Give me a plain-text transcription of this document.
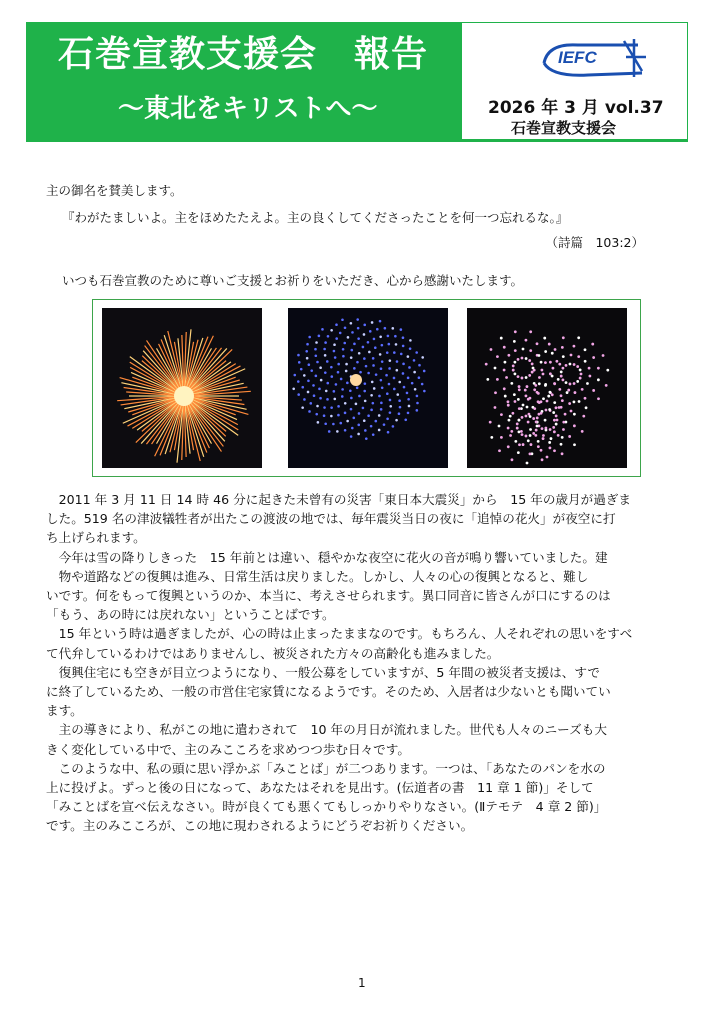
石巻宣教支援会　報告
～東北をキリストへ～
IEFC
2026 年 3 月 vol.37
石巻宣教支援会
主の御名を賛美します。
『わがたましいよ。主をほめたたえよ。主の良くしてくださったことを何一つ忘れるな。』
（詩篇　103:2）
いつも石巻宣教のために尊いご支援とお祈りをいただき、心から感謝いたします。
　2011 年 3 月 11 日 14 時 46 分に起きた未曾有の災害「東日本大震災」から　15 年の歳月が過ぎま
した。519 名の津波犠牲者が出たこの渡波の地では、毎年震災当日の夜に「追悼の花火」が夜空に打
ち上げられます。
　今年は雪の降りしきった　15 年前とは違い、穏やかな夜空に花火の音が鳴り響いていました。建
　物や道路などの復興は進み、日常生活は戻りました。しかし、人々の心の復興となると、難し
いです。何をもって復興というのか、本当に、考えさせられます。異口同音に皆さんが口にするのは
「もう、あの時には戻れない」ということばです。
　15 年という時は過ぎましたが、心の時は止まったままなのです。もちろん、人それぞれの思いをすべ
て代弁しているわけではありませんし、被災された方々の高齢化も進みました。
　復興住宅にも空きが目立つようになり、一般公募をしていますが、5 年間の被災者支援は、すで
に終了しているため、一般の市営住宅家賃になるようです。そのため、入居者は少ないとも聞いてい
ます。
　主の導きにより、私がこの地に遣わされて　10 年の月日が流れました。世代も人々のニーズも大
きく変化している中で、主のみこころを求めつつ歩む日々です。
　このような中、私の頭に思い浮かぶ「みことば」が二つあります。一つは、「あなたのパンを水の
上に投げよ。ずっと後の日になって、あなたはそれを見出す。(伝道者の書　11 章 1 節)」そして
「みことばを宣べ伝えなさい。時が良くても悪くてもしっかりやりなさい。(Ⅱテモテ　4 章 2 節)」
です。主のみこころが、この地に現わされるようにどうぞお祈りください。
1
